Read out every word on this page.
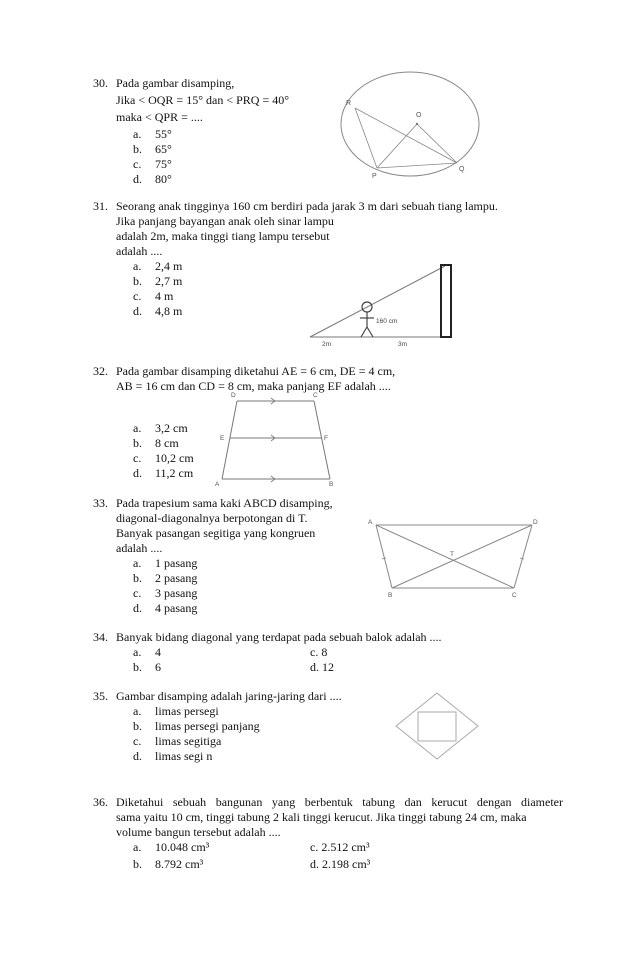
30. Pada gambar disamping,
Jika < OQR = 15° dan < PRQ = 40°
maka < QPR = ....
a. 55°
b. 65°
c. 75°
d. 80°
R
O
P
Q
31. Seorang anak tingginya 160 cm berdiri pada jarak 3 m dari sebuah tiang lampu.
Jika panjang bayangan anak oleh sinar lampu
adalah 2m, maka tinggi tiang lampu tersebut
adalah ....
a. 2,4 m
b. 2,7 m
c. 4 m
d. 4,8 m
160 cm
2m	3m
32. Pada gambar disamping diketahui AE = 6 cm, DE = 4 cm,
AB = 16 cm dan CD = 8 cm, maka panjang EF adalah ....
a. 3,2 cm
b. 8 cm
c. 10,2 cm
d. 11,2 cm
D	C
E	F
A	B
33. Pada trapesium sama kaki ABCD disamping,
diagonal-diagonalnya berpotongan di T.
Banyak pasangan segitiga yang kongruen
adalah ....
a. 1 pasang
b. 2 pasang
c. 3 pasang
d. 4 pasang
A	D
T
B	C
34. Banyak bidang diagonal yang terdapat pada sebuah balok adalah ....
a. 4	c. 8
b. 6	d. 12
35. Gambar disamping adalah jaring-jaring dari ....
a. limas persegi
b. limas persegi panjang
c. limas segitiga
d. limas segi n
36. Diketahui sebuah bangunan yang berbentuk tabung dan kerucut dengan diameter
sama yaitu 10 cm, tinggi tabung 2 kali tinggi kerucut. Jika tinggi tabung 24 cm, maka
volume bangun tersebut adalah ....
a. 10.048 cm³	c. 2.512 cm³
b. 8.792 cm³	d. 2.198 cm³
